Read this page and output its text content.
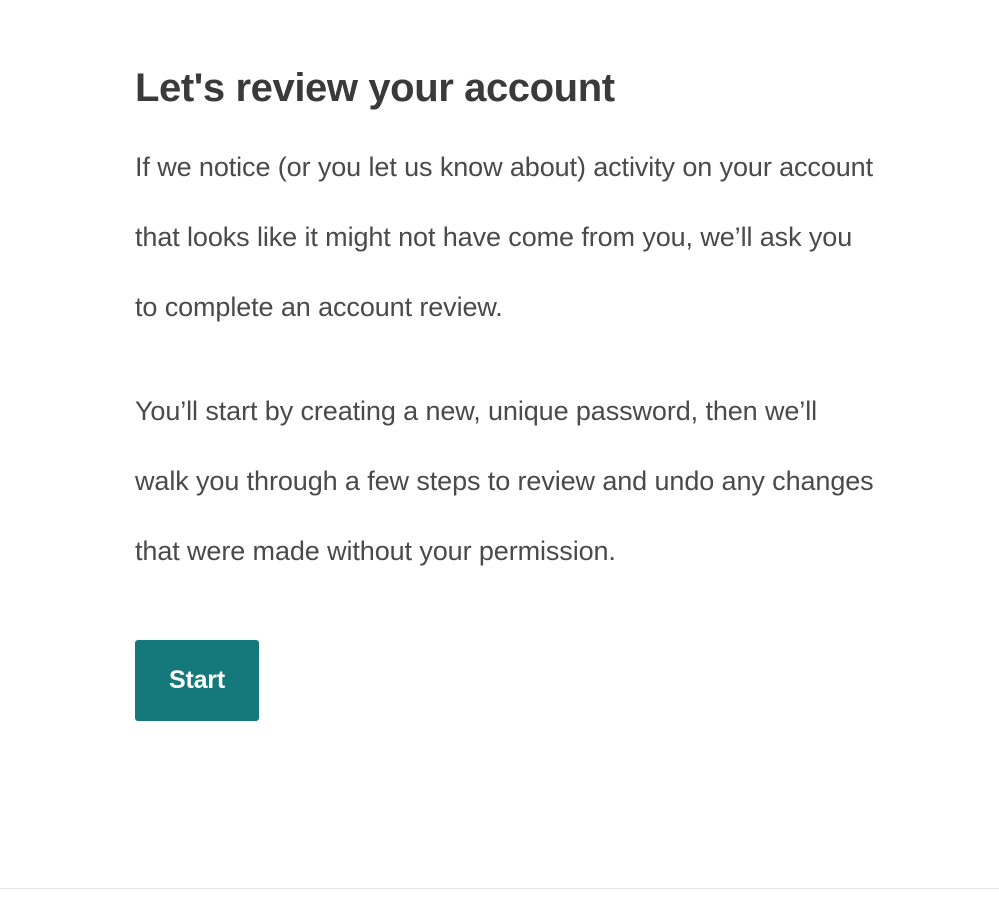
Let's review your account

If we notice (or you let us know about) activity on your account that looks like it might not have come from you, we’ll ask you to complete an account review.

You’ll start by creating a new, unique password, then we’ll walk you through a few steps to review and undo any changes that were made without your permission.

Start
